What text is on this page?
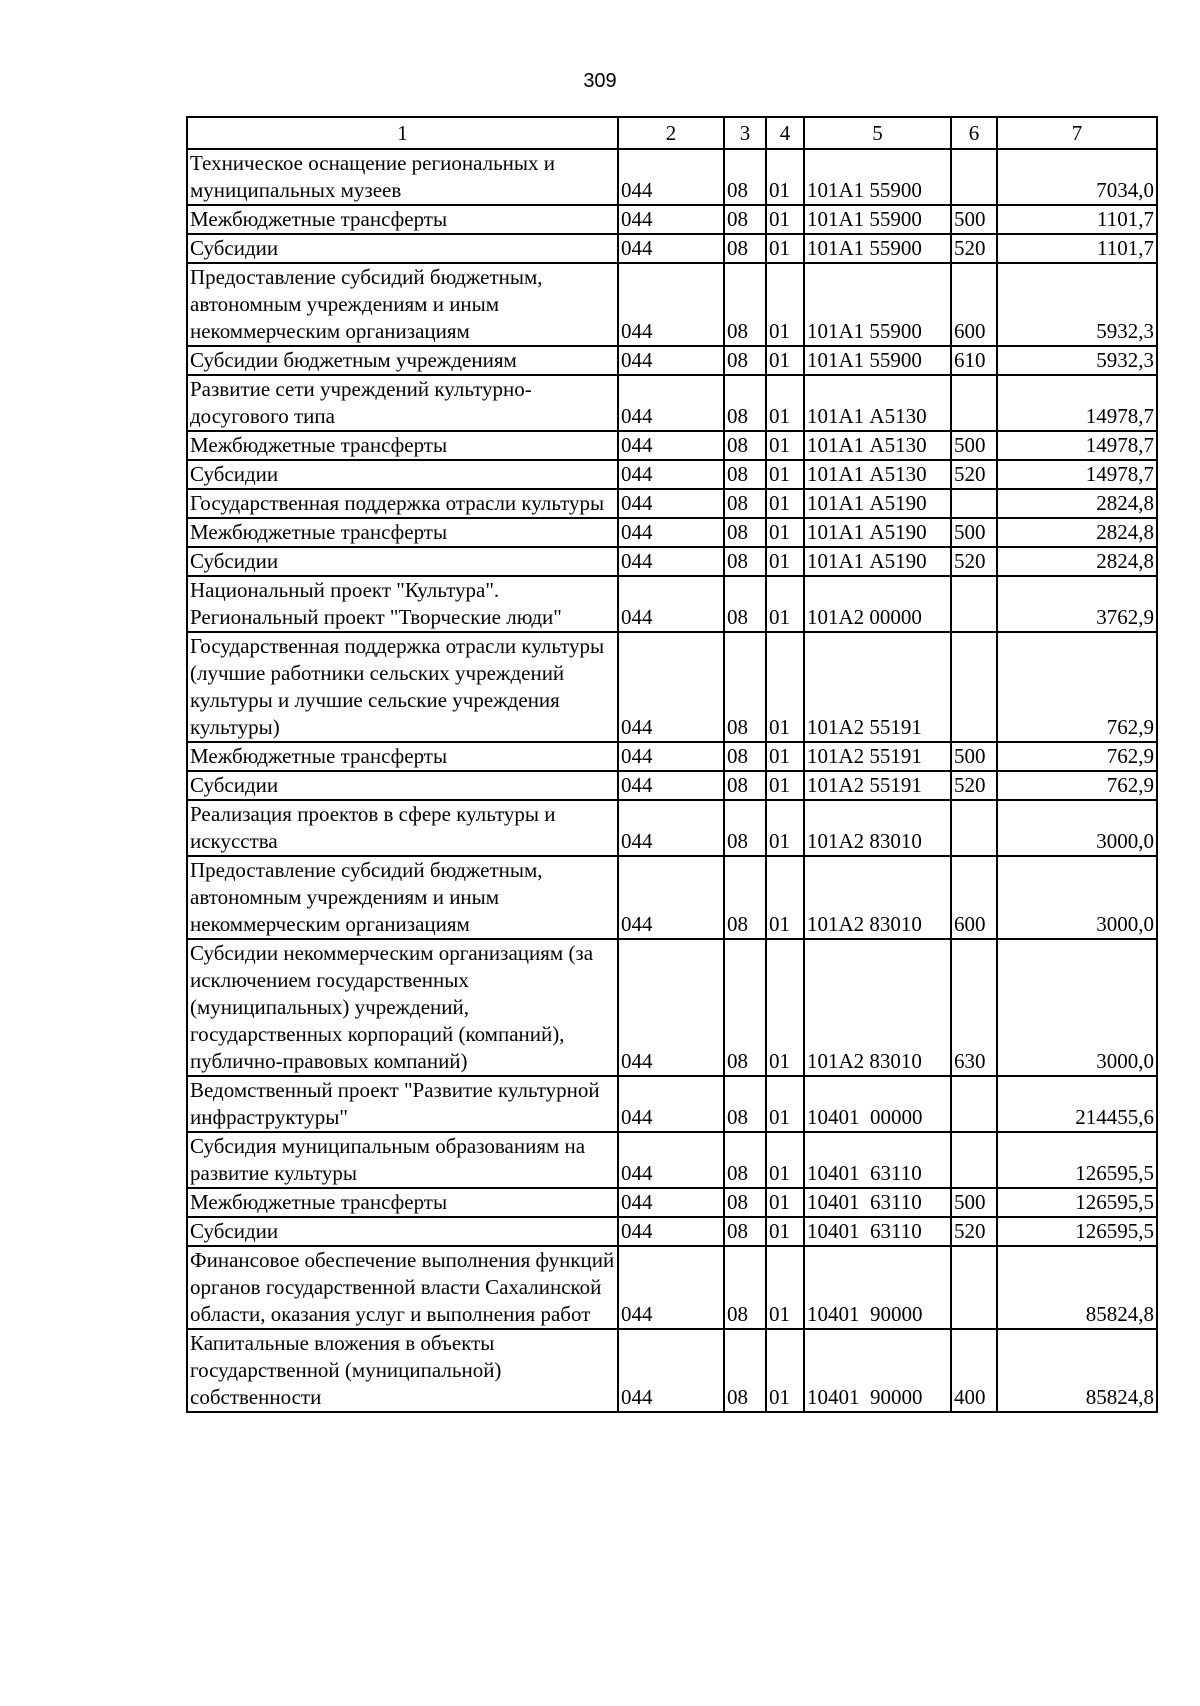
309
1	2	3	4	5	6	7
Техническое оснащение региональных и муниципальных музеев	044	08	01	101А1 55900		7034,0
Межбюджетные трансферты	044	08	01	101А1 55900	500	1101,7
Субсидии	044	08	01	101А1 55900	520	1101,7
Предоставление субсидий бюджетным, автономным учреждениям и иным некоммерческим организациям	044	08	01	101А1 55900	600	5932,3
Субсидии бюджетным учреждениям	044	08	01	101А1 55900	610	5932,3
Развитие сети учреждений культурно-досугового типа	044	08	01	101А1 А5130		14978,7
Межбюджетные трансферты	044	08	01	101А1 А5130	500	14978,7
Субсидии	044	08	01	101А1 А5130	520	14978,7
Государственная поддержка отрасли культуры	044	08	01	101А1 А5190		2824,8
Межбюджетные трансферты	044	08	01	101А1 А5190	500	2824,8
Субсидии	044	08	01	101А1 А5190	520	2824,8
Национальный проект "Культура". Региональный проект "Творческие люди"	044	08	01	101А2 00000		3762,9
Государственная поддержка отрасли культуры (лучшие работники сельских учреждений культуры и лучшие сельские учреждения культуры)	044	08	01	101А2 55191		762,9
Межбюджетные трансферты	044	08	01	101А2 55191	500	762,9
Субсидии	044	08	01	101А2 55191	520	762,9
Реализация проектов в сфере культуры и искусства	044	08	01	101А2 83010		3000,0
Предоставление субсидий бюджетным, автономным учреждениям и иным некоммерческим организациям	044	08	01	101А2 83010	600	3000,0
Субсидии некоммерческим организациям (за исключением государственных (муниципальных) учреждений, государственных корпораций (компаний), публично-правовых компаний)	044	08	01	101А2 83010	630	3000,0
Ведомственный проект "Развитие культурной инфраструктуры"	044	08	01	10401  00000		214455,6
Субсидия муниципальным образованиям на развитие культуры	044	08	01	10401  63110		126595,5
Межбюджетные трансферты	044	08	01	10401  63110	500	126595,5
Субсидии	044	08	01	10401  63110	520	126595,5
Финансовое обеспечение выполнения функций органов государственной власти Сахалинской области, оказания услуг и выполнения работ	044	08	01	10401  90000		85824,8
Капитальные вложения в объекты государственной (муниципальной) собственности	044	08	01	10401  90000	400	85824,8
